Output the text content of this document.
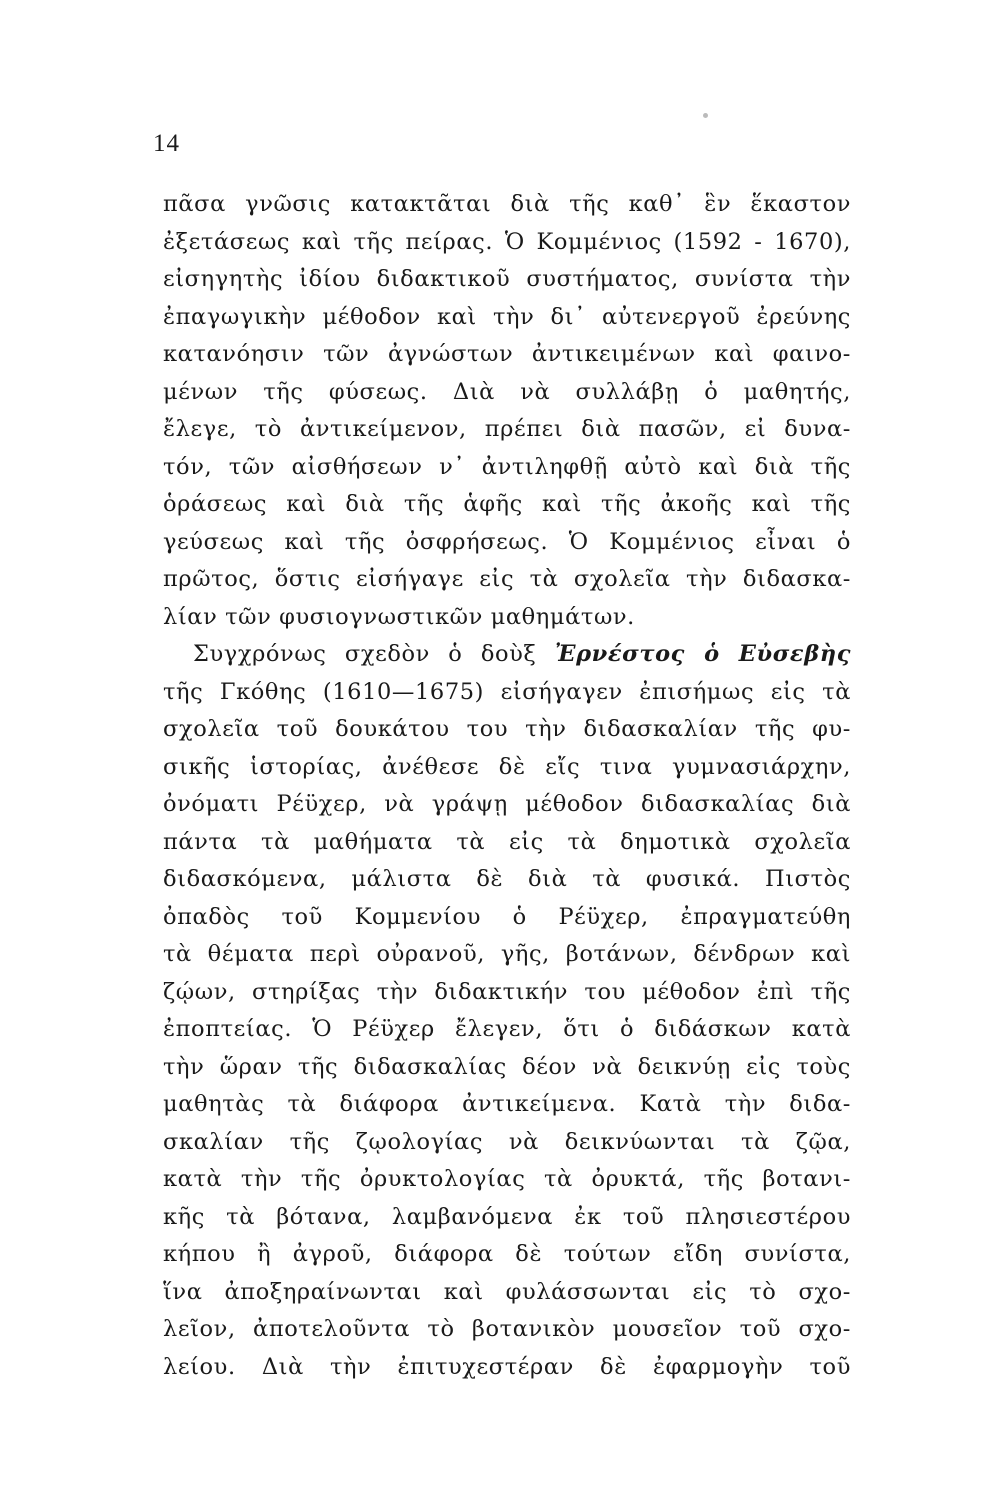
14
πᾶσα γνῶσις κατακτᾶται διὰ τῆς καθ᾽ ἓν ἕκαστον
ἐξετάσεως καὶ τῆς πείρας. Ὁ Κομμένιος (1592 - 1670),
εἰσηγητὴς ἰδίου διδακτικοῦ συστήματος, συνίστα τὴν
ἐπαγωγικὴν μέθοδον καὶ τὴν δι᾽ αὐτενεργοῦ ἐρεύνης
κατανόησιν τῶν ἀγνώστων ἀντικειμένων καὶ φαινο-
μένων τῆς φύσεως. Διὰ νὰ συλλάβῃ ὁ μαθητής,
ἔλεγε, τὸ ἀντικείμενον, πρέπει διὰ πασῶν, εἰ δυνα-
τόν, τῶν αἰσθήσεων ν᾽ ἀντιληφθῇ αὐτὸ καὶ διὰ τῆς
ὁράσεως καὶ διὰ τῆς ἁφῆς καὶ τῆς ἀκοῆς καὶ τῆς
γεύσεως καὶ τῆς ὀσφρήσεως. Ὁ Κομμένιος εἶναι ὁ
πρῶτος, ὅστις εἰσήγαγε εἰς τὰ σχολεῖα τὴν διδασκα-
λίαν τῶν φυσιογνωστικῶν μαθημάτων.
Συγχρόνως σχεδὸν ὁ δοὺξ Ἐρνέστος ὁ Εὐσεβὴς
τῆς Γκόθης (1610—1675) εἰσήγαγεν ἐπισήμως εἰς τὰ
σχολεῖα τοῦ δουκάτου του τὴν διδασκαλίαν τῆς φυ-
σικῆς ἱστορίας, ἀνέθεσε δὲ εἴς τινα γυμνασιάρχην,
ὀνόματι Ρέϋχερ, νὰ γράψῃ μέθοδον διδασκαλίας διὰ
πάντα τὰ μαθήματα τὰ εἰς τὰ δημοτικὰ σχολεῖα
διδασκόμενα, μάλιστα δὲ διὰ τὰ φυσικά. Πιστὸς
ὀπαδὸς τοῦ Κομμενίου ὁ Ρέϋχερ, ἐπραγματεύθη
τὰ θέματα περὶ οὐρανοῦ, γῆς, βοτάνων, δένδρων καὶ
ζῴων, στηρίξας τὴν διδακτικήν του μέθοδον ἐπὶ τῆς
ἐποπτείας. Ὁ Ρέϋχερ ἔλεγεν, ὅτι ὁ διδάσκων κατὰ
τὴν ὥραν τῆς διδασκαλίας δέον νὰ δεικνύῃ εἰς τοὺς
μαθητὰς τὰ διάφορα ἀντικείμενα. Κατὰ τὴν διδα-
σκαλίαν τῆς ζῳολογίας νὰ δεικνύωνται τὰ ζῷα,
κατὰ τὴν τῆς ὀρυκτολογίας τὰ ὀρυκτά, τῆς βοτανι-
κῆς τὰ βότανα, λαμβανόμενα ἐκ τοῦ πλησιεστέρου
κήπου ἢ ἀγροῦ, διάφορα δὲ τούτων εἴδη συνίστα,
ἵνα ἀποξηραίνωνται καὶ φυλάσσωνται εἰς τὸ σχο-
λεῖον, ἀποτελοῦντα τὸ βοτανικὸν μουσεῖον τοῦ σχο-
λείου. Διὰ τὴν ἐπιτυχεστέραν δὲ ἐφαρμογὴν τοῦ
